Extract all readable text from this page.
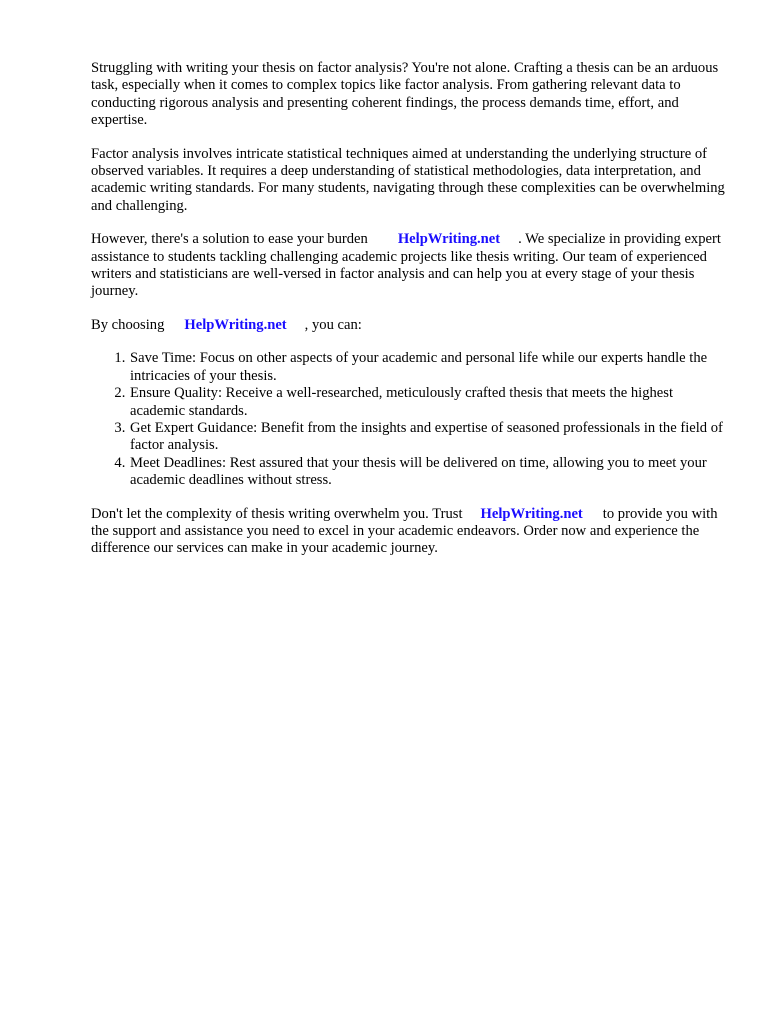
Struggling with writing your thesis on factor analysis? You're not alone. Crafting a thesis can be an arduous task, especially when it comes to complex topics like factor analysis. From gathering relevant data to conducting rigorous analysis and presenting coherent findings, the process demands time, effort, and expertise.

Factor analysis involves intricate statistical techniques aimed at understanding the underlying structure of observed variables. It requires a deep understanding of statistical methodologies, data interpretation, and academic writing standards. For many students, navigating through these complexities can be overwhelming and challenging.

However, there's a solution to ease your burden HelpWriting.net . We specialize in providing expert assistance to students tackling challenging academic projects like thesis writing. Our team of experienced writers and statisticians are well-versed in factor analysis and can help you at every stage of your thesis journey.

By choosing HelpWriting.net , you can:

1. Save Time: Focus on other aspects of your academic and personal life while our experts handle the intricacies of your thesis.
2. Ensure Quality: Receive a well-researched, meticulously crafted thesis that meets the highest academic standards.
3. Get Expert Guidance: Benefit from the insights and expertise of seasoned professionals in the field of factor analysis.
4. Meet Deadlines: Rest assured that your thesis will be delivered on time, allowing you to meet your academic deadlines without stress.

Don't let the complexity of thesis writing overwhelm you. Trust HelpWriting.net to provide you with the support and assistance you need to excel in your academic endeavors. Order now and experience the difference our services can make in your academic journey.
